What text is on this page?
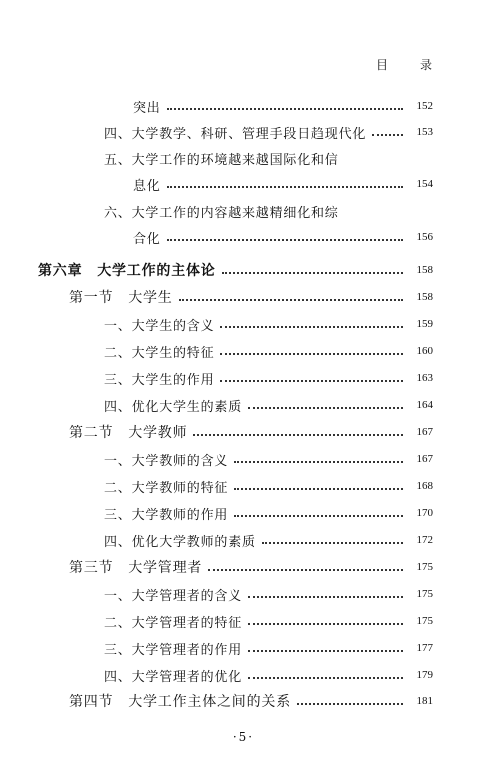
目	录
突出	152
四、大学教学、科研、管理手段日趋现代化	153
五、大学工作的环境越来越国际化和信
息化	154
六、大学工作的内容越来越精细化和综
合化	156
第六章　大学工作的主体论	158
第一节　大学生	158
一、大学生的含义	159
二、大学生的特征	160
三、大学生的作用	163
四、优化大学生的素质	164
第二节　大学教师	167
一、大学教师的含义	167
二、大学教师的特征	168
三、大学教师的作用	170
四、优化大学教师的素质	172
第三节　大学管理者	175
一、大学管理者的含义	175
二、大学管理者的特征	175
三、大学管理者的作用	177
四、大学管理者的优化	179
第四节　大学工作主体之间的关系	181
·5·
